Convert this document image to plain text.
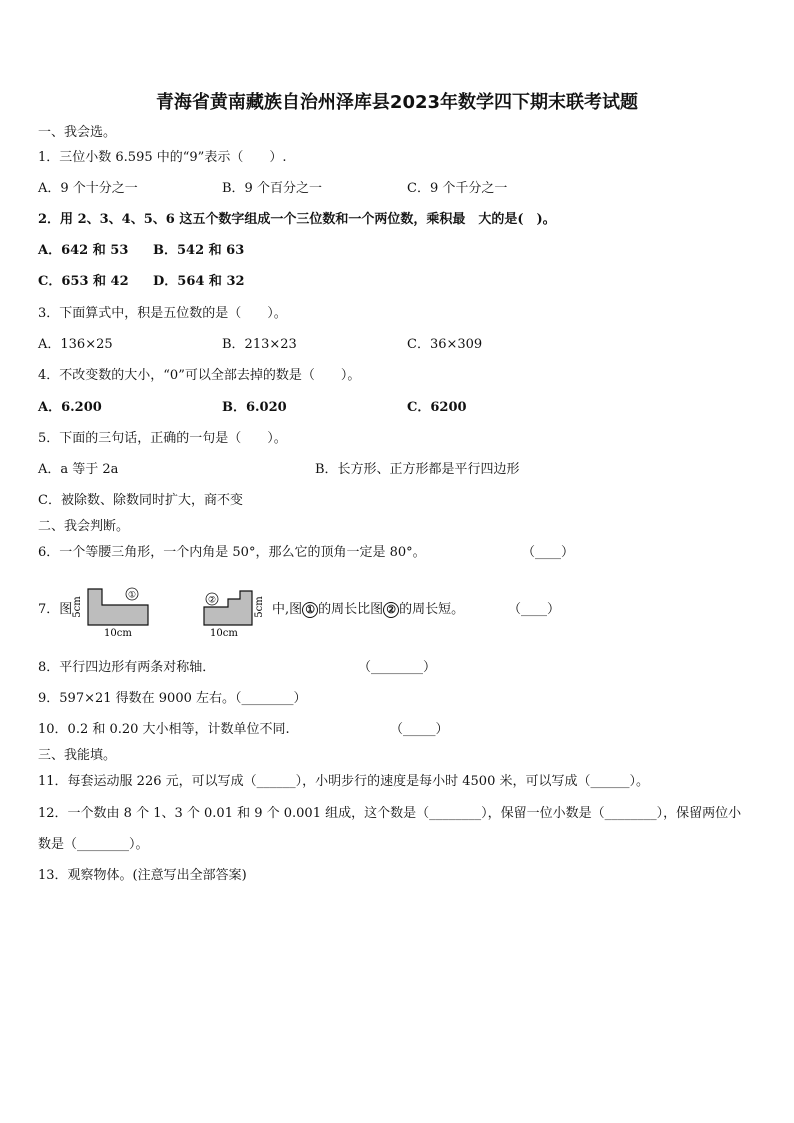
青海省黄南藏族自治州泽库县2023年数学四下期末联考试题
一、我会选。
1．三位小数 6.595 中的“9”表示（　　）.
A．9 个十分之一	B．9 个百分之一	C．9 个千分之一
2．用 2、3、4、5、6 这五个数字组成一个三位数和一个两位数，乘积最　大的是(　)。
A．642 和 53 B．542 和 63
C．653 和 42 D．564 和 32
3．下面算式中，积是五位数的是（　　）。
A．136×25	B．213×23	C．36×309
4．不改变数的大小，“0”可以全部去掉的数是（　　）。
A．6.200	B．6.020	C．6200
5．下面的三句话，正确的一句是（　　）。
A．a 等于 2a	B．长方形、正方形都是平行四边形
C．被除数、除数同时扩大，商不变
二、我会判断。
6．一个等腰三角形，一个内角是 50°，那么它的顶角一定是 80°。	（____）
7．图 5cm
10cm
①	②	5cm
10cm
中,图 ① 的周长比图 ② 的周长短。	（____）
8．平行四边形有两条对称轴．	（________）
9．597×21 得数在 9000 左右。（________）
10．0.2 和 0.20 大小相等，计数单位不同.	（_____）
三、我能填。
11．每套运动服 226 元，可以写成（______），小明步行的速度是每小时 4500 米，可以写成（______）。
12．一个数由 8 个 1、3 个 0.01 和 9 个 0.001 组成，这个数是（________），保留一位小数是（________），保留两位小
数是（________）。
13．观察物体。(注意写出全部答案)
